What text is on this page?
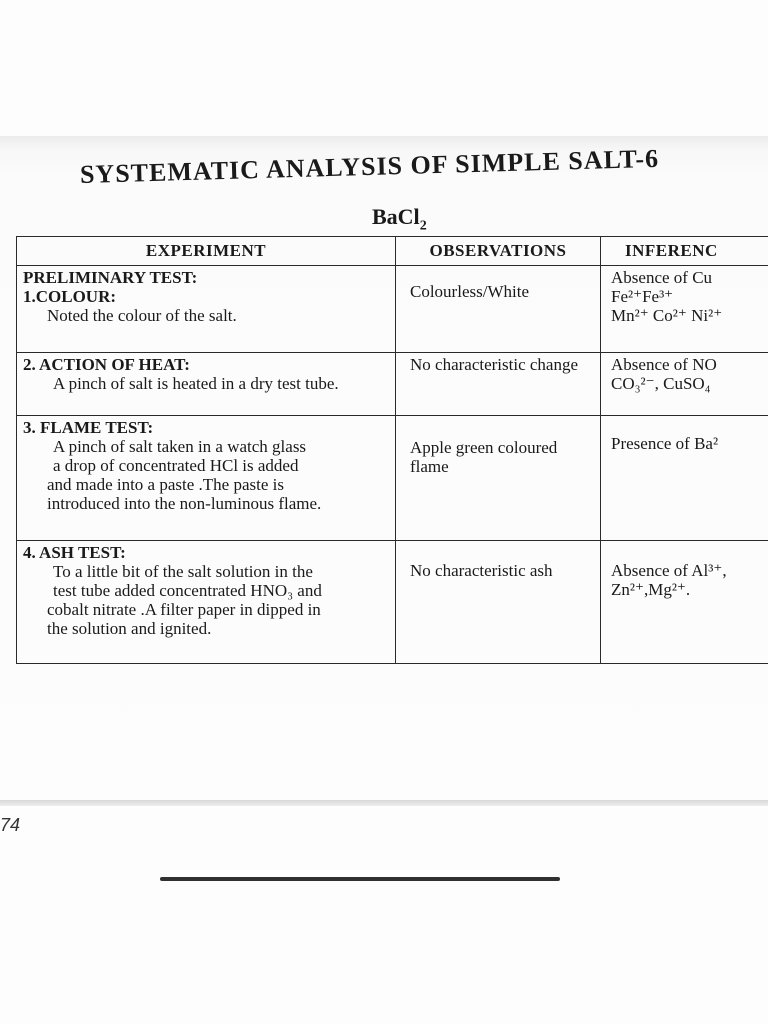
SYSTEMATIC ANALYSIS OF SIMPLE SALT-6
BaCl$_2$
EXPERIMENT	OBSERVATIONS	INFERENC

PRELIMINARY TEST:
1.COLOUR:
Noted the colour of the salt.	Colourless/White	Absence of Cu
Fe²⁺Fe³⁺
Mn²⁺ Co²⁺ Ni²⁺

2. ACTION OF HEAT:
A pinch of salt is heated in a dry test tube.	No characteristic change	Absence of NO
CO₃²⁻, CuSO₄

3. FLAME TEST:
A pinch of salt taken in a watch glass
a drop of concentrated HCl is added
and made into a paste .The paste is
introduced into the non-luminous flame.	Apple green coloured flame	Presence of Ba²

4. ASH TEST:
To a little bit of the salt solution in the
test tube added concentrated HNO₃ and
cobalt nitrate .A filter paper in dipped in
the solution and ignited.	No characteristic ash	Absence of Al³⁺,
Zn²⁺,Mg²⁺.
74
